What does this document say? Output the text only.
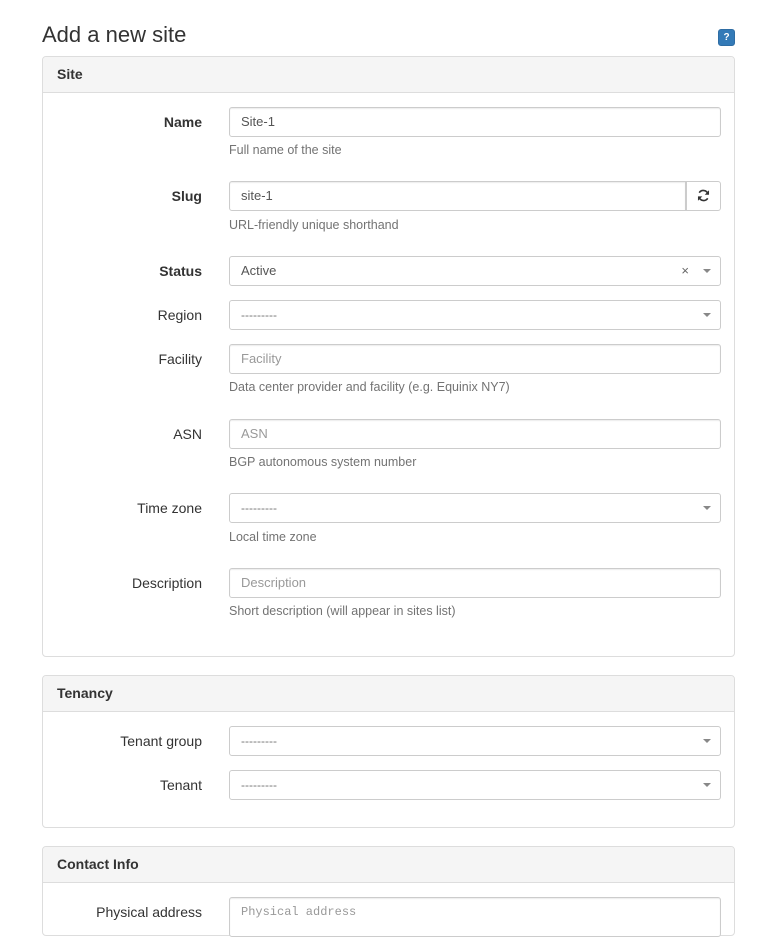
Add a new site	?
Site
Name	Site-1
Full name of the site
Slug	site-1
URL-friendly unique shorthand
Status	Active	×
Region	---------
Facility	Facility
Data center provider and facility (e.g. Equinix NY7)
ASN	ASN
BGP autonomous system number
Time zone	---------
Local time zone
Description	Description
Short description (will appear in sites list)
Tenancy
Tenant group	---------
Tenant	---------
Contact Info
Physical address	Physical address
